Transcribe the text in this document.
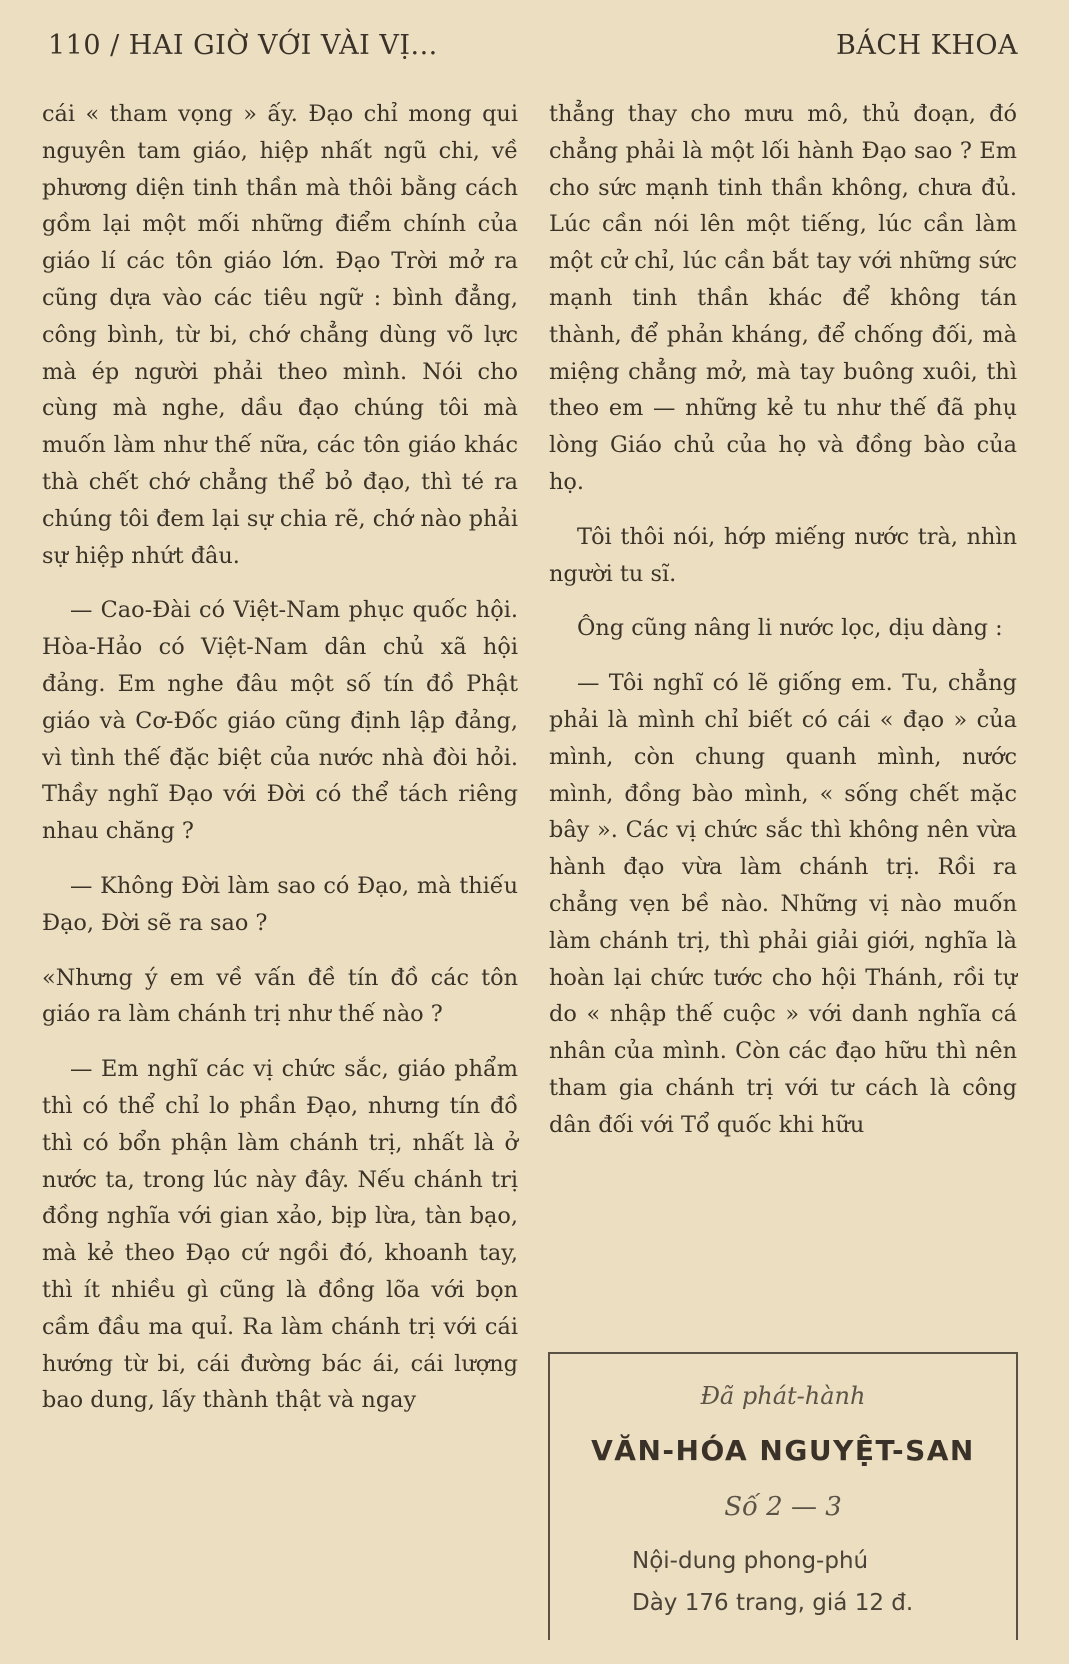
110 / HAI GIỜ VỚI VÀI VỊ...	BÁCH KHOA

cái « tham vọng » ấy. Đạo chỉ mong qui nguyên tam giáo, hiệp nhất ngũ chi, về phương diện tinh thần mà thôi bằng cách gồm lại một mối những điểm chính của giáo lí các tôn giáo lớn. Đạo Trời mở ra cũng dựa vào các tiêu ngữ : bình đẳng, công bình, từ bi, chớ chẳng dùng võ lực mà ép người phải theo mình. Nói cho cùng mà nghe, dầu đạo chúng tôi mà muốn làm như thế nữa, các tôn giáo khác thà chết chớ chẳng thể bỏ đạo, thì té ra chúng tôi đem lại sự chia rẽ, chớ nào phải sự hiệp nhứt đâu.

— Cao-Đài có Việt-Nam phục quốc hội. Hòa-Hảo có Việt-Nam dân chủ xã hội đảng. Em nghe đâu một số tín đồ Phật giáo và Cơ-Đốc giáo cũng định lập đảng, vì tình thế đặc biệt của nước nhà đòi hỏi. Thầy nghĩ Đạo với Đời có thể tách riêng nhau chăng ?

— Không Đời làm sao có Đạo, mà thiếu Đạo, Đời sẽ ra sao ?

«Nhưng ý em về vấn đề tín đồ các tôn giáo ra làm chánh trị như thế nào ?

— Em nghĩ các vị chức sắc, giáo phẩm thì có thể chỉ lo phần Đạo, nhưng tín đồ thì có bổn phận làm chánh trị, nhất là ở nước ta, trong lúc này đây. Nếu chánh trị đồng nghĩa với gian xảo, bịp lừa, tàn bạo, mà kẻ theo Đạo cứ ngồi đó, khoanh tay, thì ít nhiều gì cũng là đồng lõa với bọn cầm đầu ma quỉ. Ra làm chánh trị với cái hướng từ bi, cái đường bác ái, cái lượng bao dung, lấy thành thật và ngay

thẳng thay cho mưu mô, thủ đoạn, đó chẳng phải là một lối hành Đạo sao ? Em cho sức mạnh tinh thần không, chưa đủ. Lúc cần nói lên một tiếng, lúc cần làm một cử chỉ, lúc cần bắt tay với những sức mạnh tinh thần khác để không tán thành, để phản kháng, để chống đối, mà miệng chẳng mở, mà tay buông xuôi, thì theo em — những kẻ tu như thế đã phụ lòng Giáo chủ của họ và đồng bào của họ.

Tôi thôi nói, hớp miếng nước trà, nhìn người tu sĩ.

Ông cũng nâng li nước lọc, dịu dàng :

— Tôi nghĩ có lẽ giống em. Tu, chẳng phải là mình chỉ biết có cái « đạo » của mình, còn chung quanh mình, nước mình, đồng bào mình, « sống chết mặc bây ». Các vị chức sắc thì không nên vừa hành đạo vừa làm chánh trị. Rồi ra chẳng vẹn bề nào. Những vị nào muốn làm chánh trị, thì phải giải giới, nghĩa là hoàn lại chức tước cho hội Thánh, rồi tự do « nhập thế cuộc » với danh nghĩa cá nhân của mình. Còn các đạo hữu thì nên tham gia chánh trị với tư cách là công dân đối với Tổ quốc khi hữu

Đã phát-hành
VĂN-HÓA NGUYỆT-SAN
Số 2 — 3
Nội-dung phong-phú
Dày 176 trang, giá 12 đ.
